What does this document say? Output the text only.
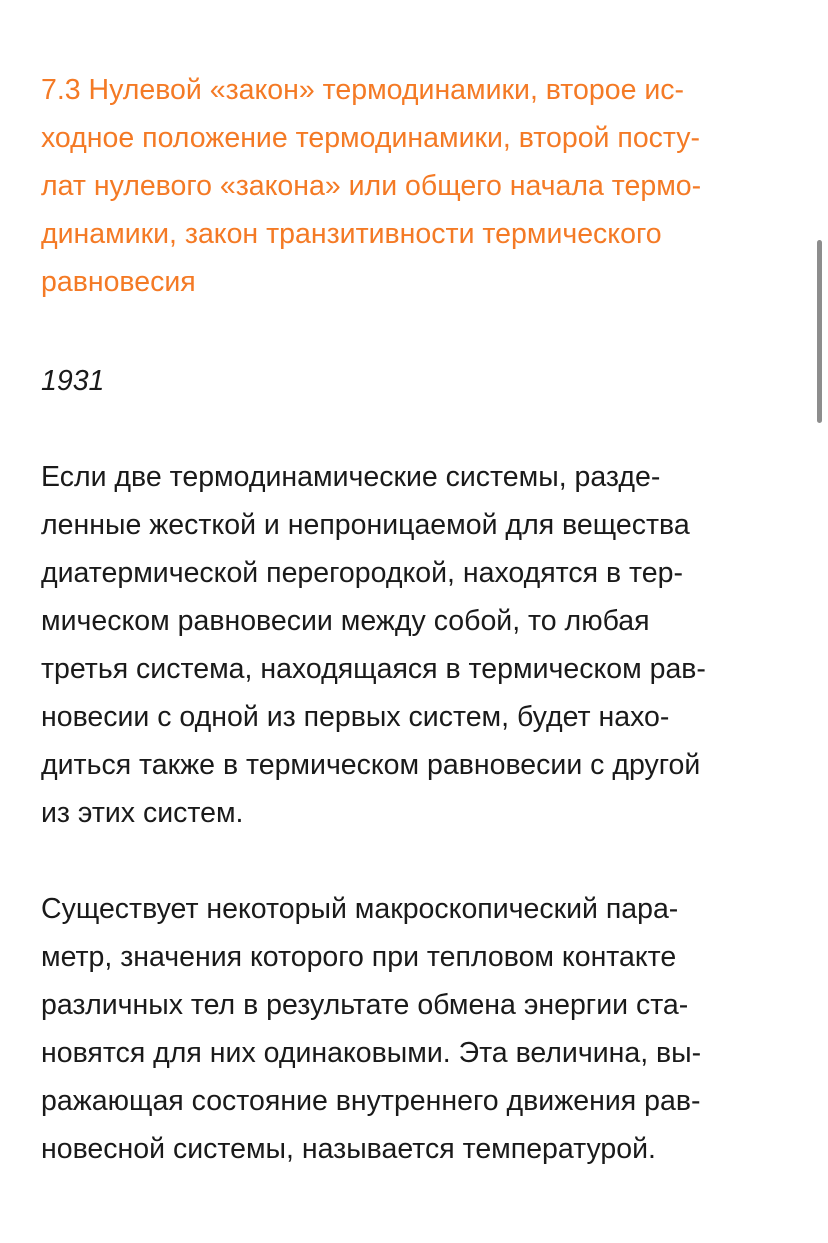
7.3 Нулевой «закон» термодинамики, второе ис-
ходное положение термодинамики, второй посту-
лат нулевого «закона» или общего начала термо-
динамики, закон транзитивности термического
равновесия
1931
Если две термодинамические системы, разде-
ленные жесткой и непроницаемой для вещества
диатермической перегородкой, находятся в тер-
мическом равновесии между собой, то любая
третья система, находящаяся в термическом рав-
новесии с одной из первых систем, будет нахо-
диться также в термическом равновесии с другой
из этих систем.
Существует некоторый макроскопический пара-
метр, значения которого при тепловом контакте
различных тел в результате обмена энергии ста-
новятся для них одинаковыми. Эта величина, вы-
ражающая состояние внутреннего движения рав-
новесной системы, называется температурой.
